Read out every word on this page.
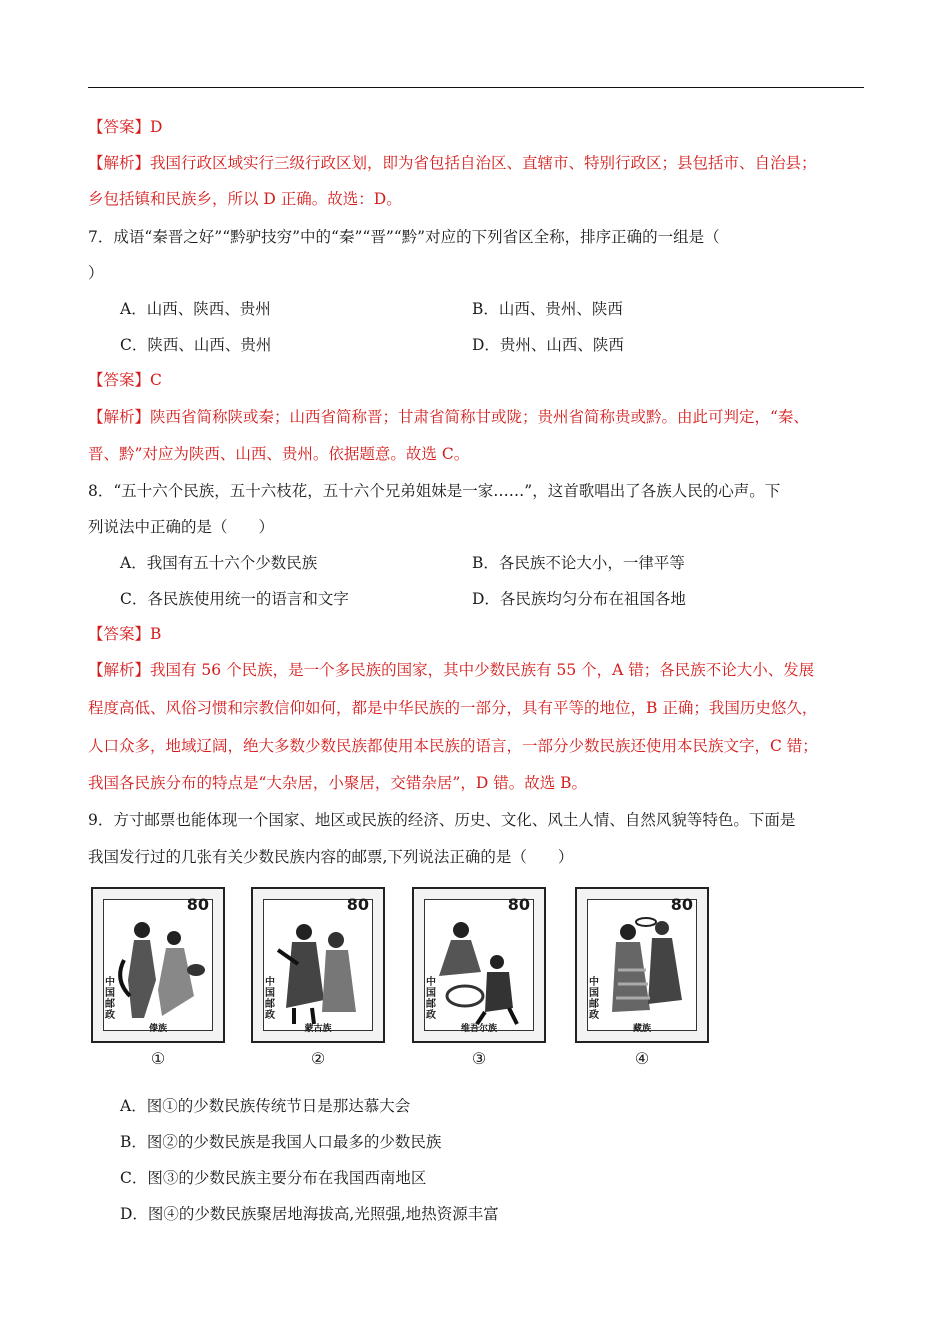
【答案】D
【解析】我国行政区域实行三级行政区划，即为省包括自治区、直辖市、特别行政区；县包括市、自治县；
乡包括镇和民族乡，所以 D 正确。故选：D。
7．成语“秦晋之好”“黔驴技穷”中的“秦”“晋”“黔”对应的下列省区全称，排序正确的一组是（
）
A．山西、陕西、贵州	B．山西、贵州、陕西
C．陕西、山西、贵州	D．贵州、山西、陕西
【答案】C
【解析】陕西省简称陕或秦；山西省简称晋；甘肃省简称甘或陇；贵州省简称贵或黔。由此可判定，“秦、
晋、黔”对应为陕西、山西、贵州。依据题意。故选 C。
8．“五十六个民族，五十六枝花，五十六个兄弟姐妹是一家……”，这首歌唱出了各族人民的心声。下
列说法中正确的是（　　）
A．我国有五十六个少数民族	B．各民族不论大小，一律平等
C．各民族使用统一的语言和文字	D．各民族均匀分布在祖国各地
【答案】B
【解析】我国有 56 个民族，是一个多民族的国家，其中少数民族有 55 个，A 错；各民族不论大小、发展
程度高低、风俗习惯和宗教信仰如何，都是中华民族的一部分，具有平等的地位，B 正确；我国历史悠久，
人口众多，地域辽阔，绝大多数少数民族都使用本民族的语言，一部分少数民族还使用本民族文字，C 错；
我国各民族分布的特点是“大杂居，小聚居，交错杂居”，D 错。故选 B。
9．方寸邮票也能体现一个国家、地区或民族的经济、历史、文化、风土人情、自然风貌等特色。下面是
我国发行过的几张有关少数民族内容的邮票,下列说法正确的是（　　）
80
中国邮政
傣族
①
80
中国邮政
蒙古族
②
80
中国邮政
维吾尔族
③
80
中国邮政
藏族
④
A．图①的少数民族传统节日是那达慕大会
B．图②的少数民族是我国人口最多的少数民族
C．图③的少数民族主要分布在我国西南地区
D．图④的少数民族聚居地海拔高,光照强,地热资源丰富
